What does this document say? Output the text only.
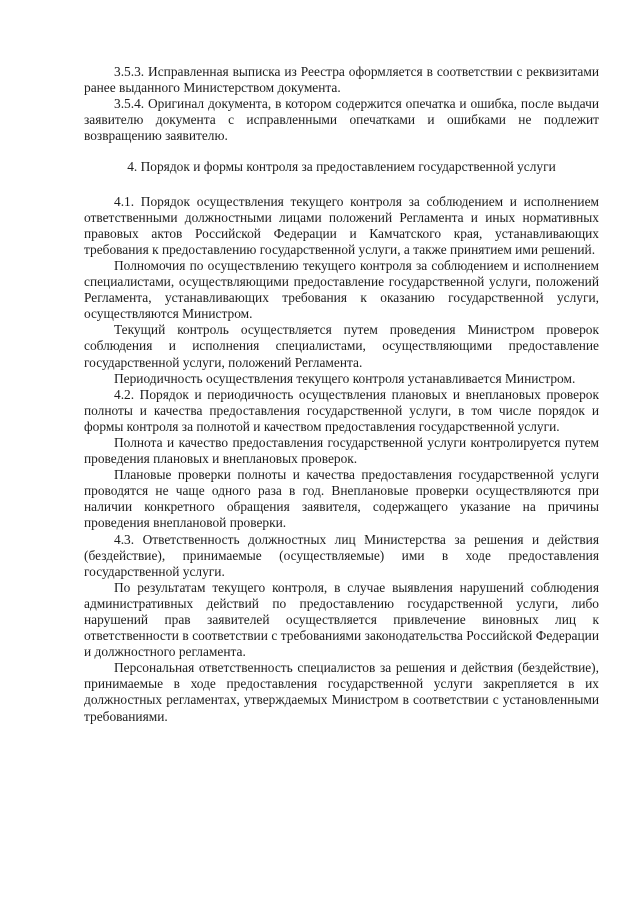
3.5.3. Исправленная выписка из Реестра оформляется в соответствии с реквизитами ранее выданного Министерством документа.

3.5.4. Оригинал документа, в котором содержится опечатка и ошибка, после выдачи заявителю документа с исправленными опечатками и ошибками не подлежит возвращению заявителю.

4. Порядок и формы контроля за предоставлением государственной услуги

4.1. Порядок осуществления текущего контроля за соблюдением и исполнением ответственными должностными лицами положений Регламента и иных нормативных правовых актов Российской Федерации и Камчатского края, устанавливающих требования к предоставлению государственной услуги, а также принятием ими решений.

Полномочия по осуществлению текущего контроля за соблюдением и исполнением специалистами, осуществляющими предоставление государственной услуги, положений Регламента, устанавливающих требования к оказанию государственной услуги, осуществляются Министром.

Текущий контроль осуществляется путем проведения Министром проверок соблюдения и исполнения специалистами, осуществляющими предоставление государственной услуги, положений Регламента.

Периодичность осуществления текущего контроля устанавливается Министром.

4.2. Порядок и периодичность осуществления плановых и внеплановых проверок полноты и качества предоставления государственной услуги, в том числе порядок и формы контроля за полнотой и качеством предоставления государственной услуги.

Полнота и качество предоставления государственной услуги контролируется путем проведения плановых и внеплановых проверок.

Плановые проверки полноты и качества предоставления государственной услуги проводятся не чаще одного раза в год. Внеплановые проверки осуществляются при наличии конкретного обращения заявителя, содержащего указание на причины проведения внеплановой проверки.

4.3. Ответственность должностных лиц Министерства за решения и действия (бездействие), принимаемые (осуществляемые) ими в ходе предоставления государственной услуги.

По результатам текущего контроля, в случае выявления нарушений соблюдения административных действий по предоставлению государственной услуги, либо нарушений прав заявителей осуществляется привлечение виновных лиц к ответственности в соответствии с требованиями законодательства Российской Федерации и должностного регламента.

Персональная ответственность специалистов за решения и действия (бездействие), принимаемые в ходе предоставления государственной услуги закрепляется в их должностных регламентах, утверждаемых Министром в соответствии с установленными требованиями.
